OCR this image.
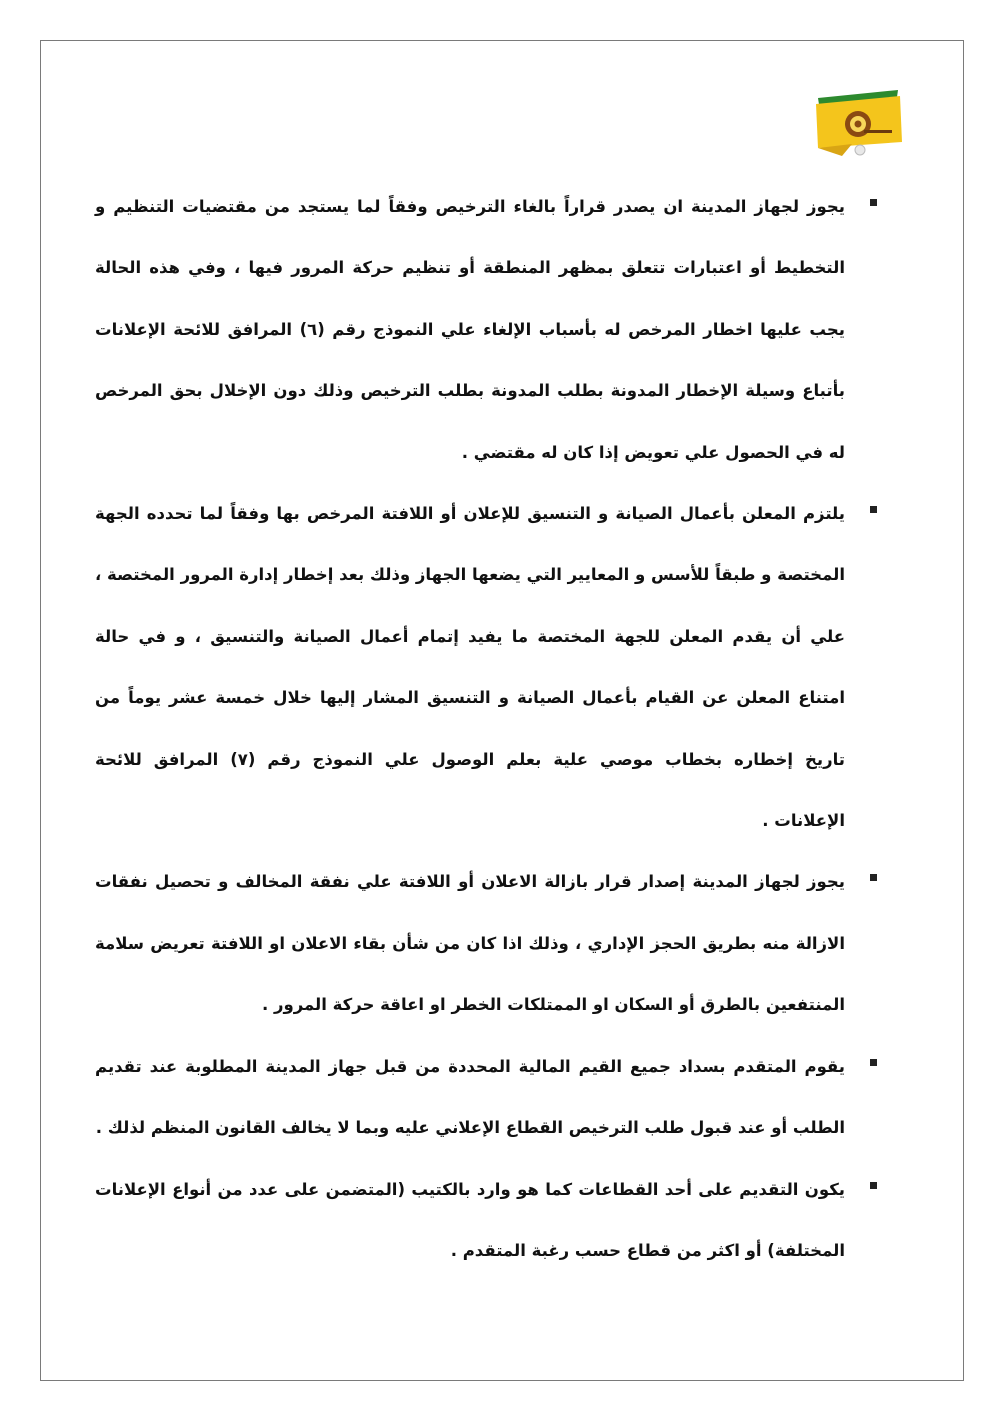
يجوز لجهاز المدينة ان يصدر قراراً بالغاء الترخيص وفقاً لما يستجد من مقتضيات التنظيم و التخطيط أو اعتبارات تتعلق بمظهر المنطقة أو تنظيم حركة المرور فيها ، وفي هذه الحالة يجب عليها اخطار المرخص له بأسباب الإلغاء علي النموذج رقم (٦) المرافق للائحة الإعلانات بأتباع وسيلة الإخطار المدونة بطلب المدونة بطلب الترخيص وذلك دون الإخلال بحق المرخص له في الحصول علي تعويض إذا كان له مقتضي .
يلتزم المعلن بأعمال الصيانة و التنسيق للإعلان أو اللافتة المرخص بها وفقاً لما تحدده الجهة المختصة و طبقاً للأسس و المعايير التي يضعها الجهاز وذلك بعد إخطار إدارة المرور المختصة ، علي أن يقدم المعلن للجهة المختصة ما يفيد إتمام أعمال الصيانة والتنسيق ، و في حالة امتناع المعلن عن القيام بأعمال الصيانة و التنسيق المشار إليها خلال خمسة عشر يوماً من تاريخ إخطاره بخطاب موصي علية بعلم الوصول علي النموذج رقم (٧) المرافق للائحة الإعلانات .
يجوز لجهاز المدينة إصدار قرار بازالة الاعلان أو اللافتة علي نفقة المخالف و تحصيل نفقات الازالة منه بطريق الحجز الإداري ، وذلك اذا كان من شأن بقاء الاعلان او اللافتة تعريض سلامة المنتفعين بالطرق أو السكان او الممتلكات الخطر او اعاقة حركة المرور .
يقوم المتقدم بسداد جميع القيم المالية المحددة من قبل جهاز المدينة المطلوبة عند تقديم الطلب أو عند قبول طلب الترخيص القطاع الإعلاني عليه وبما لا يخالف القانون المنظم لذلك .
يكون التقديم على أحد القطاعات كما هو وارد بالكتيب (المتضمن على عدد من أنواع الإعلانات المختلفة) أو اكثر من قطاع حسب رغبة المتقدم .
